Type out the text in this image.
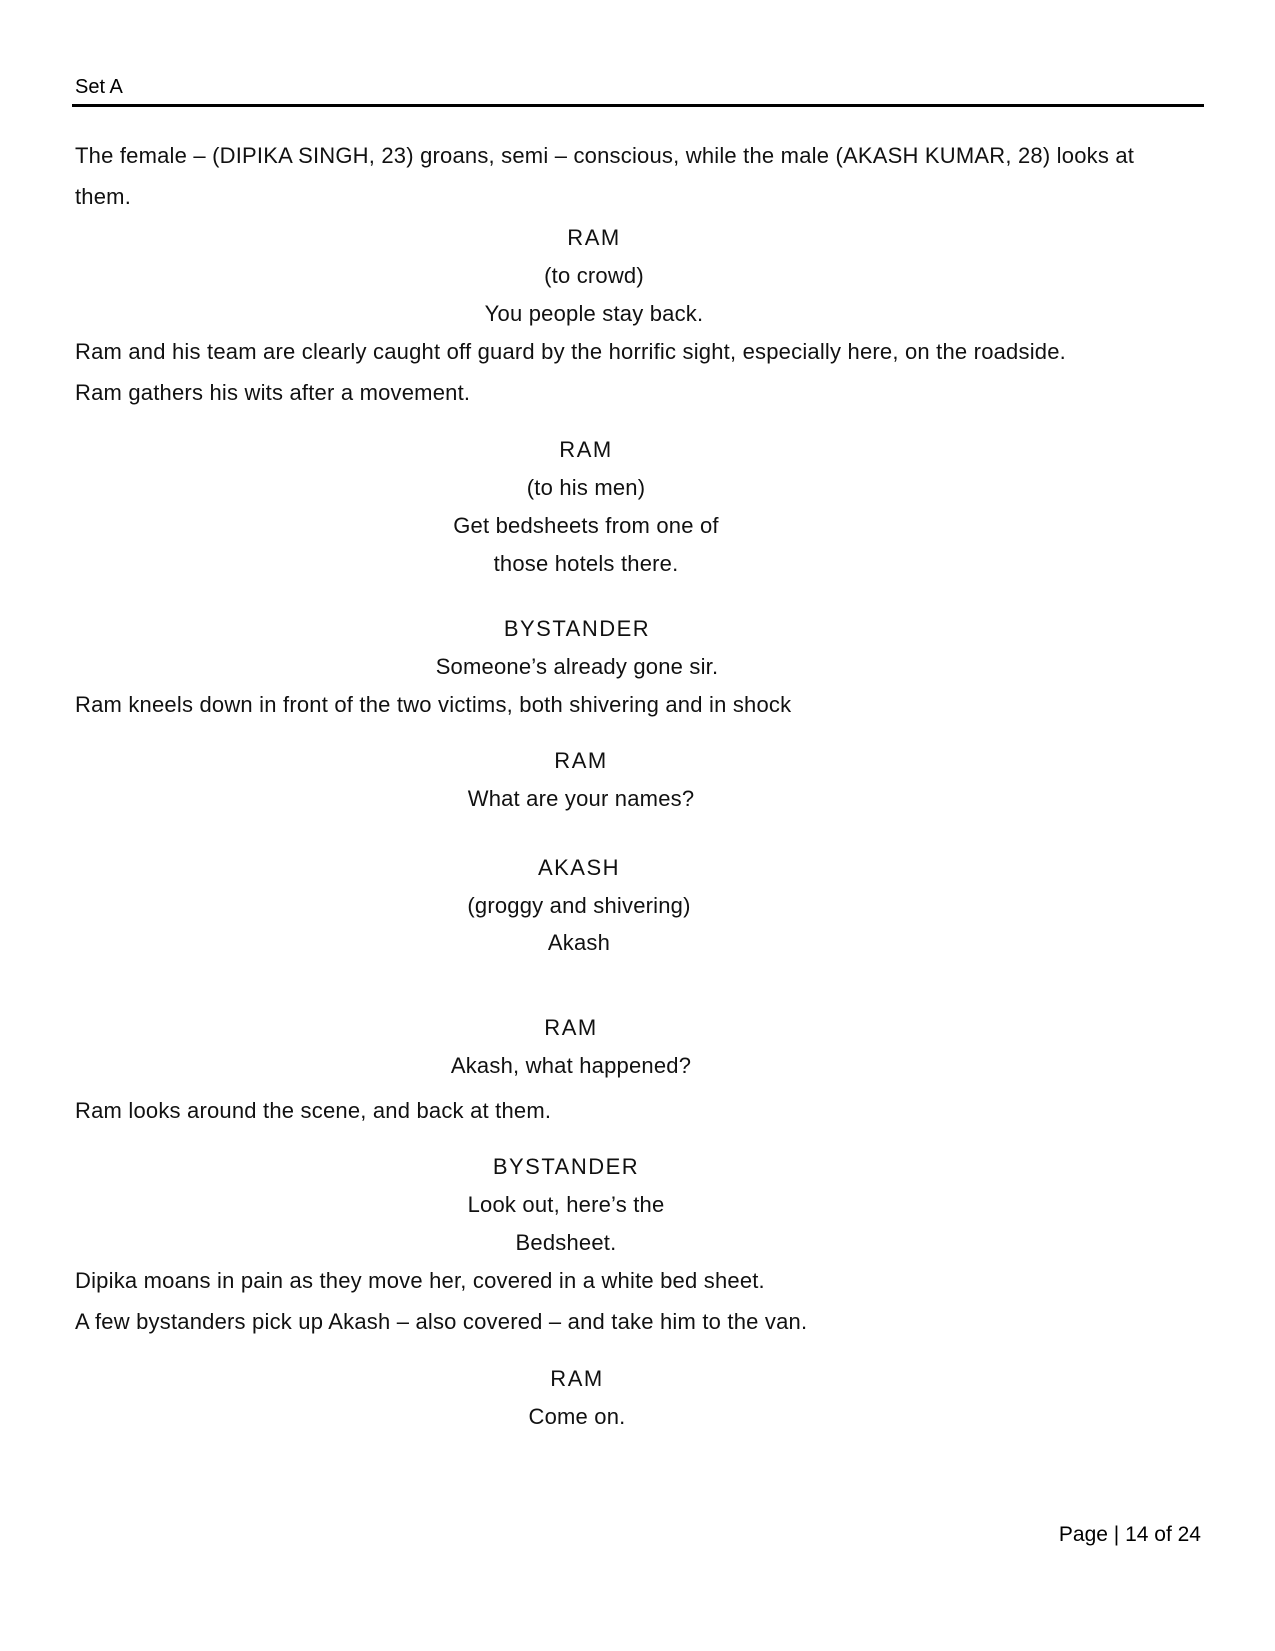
Set A
The female – (DIPIKA SINGH, 23) groans, semi – conscious, while the male (AKASH KUMAR, 28) looks at
them.
RAM
(to crowd)
You people stay back.
Ram and his team are clearly caught off guard by the horrific sight, especially here, on the roadside.
Ram gathers his wits after a movement.
RAM
(to his men)
Get bedsheets from one of
those hotels there.
BYSTANDER
Someone’s already gone sir.
Ram kneels down in front of the two victims, both shivering and in shock
RAM
What are your names?
AKASH
(groggy and shivering)
Akash
RAM
Akash, what happened?
Ram looks around the scene, and back at them.
BYSTANDER
Look out, here’s the
Bedsheet.
Dipika moans in pain as they move her, covered in a white bed sheet.
A few bystanders pick up Akash – also covered – and take him to the van.
RAM
Come on.
Page | 14 of 24
